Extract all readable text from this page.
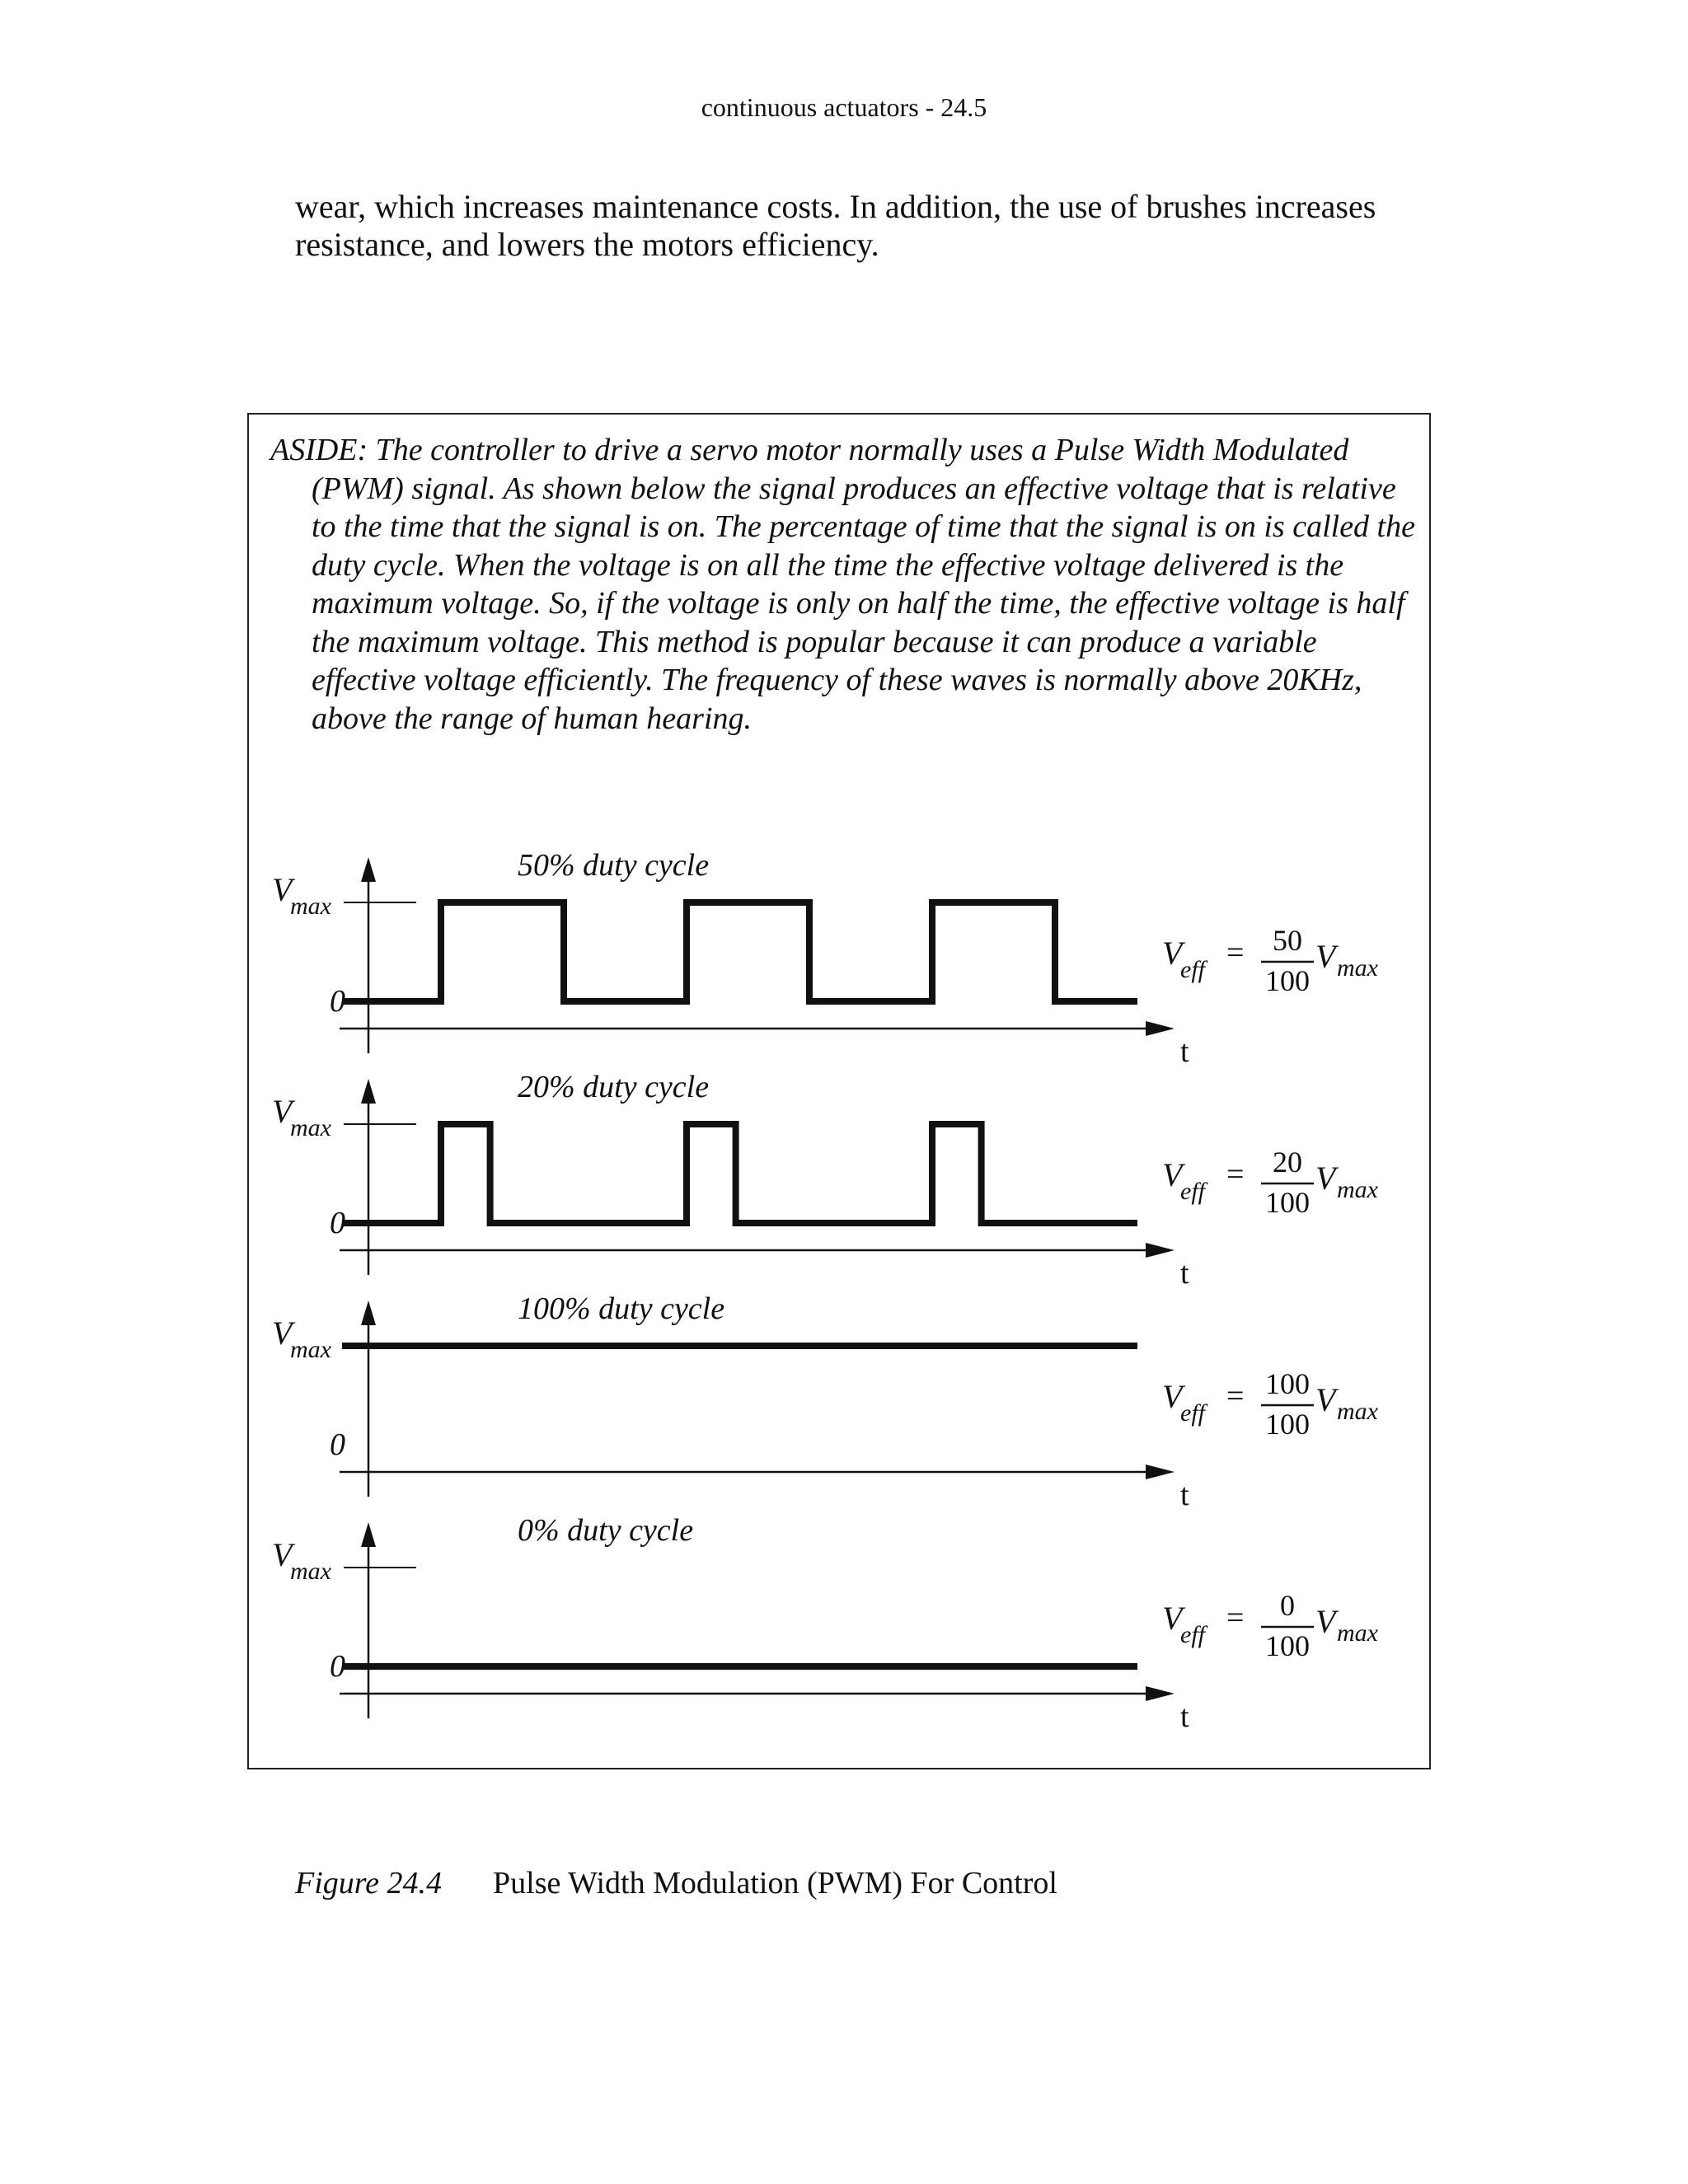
continuous actuators - 24.5
wear, which increases maintenance costs. In addition, the use of brushes increases resistance, and lowers the motors efficiency.
ASIDE: The controller to drive a servo motor normally uses a Pulse Width Modulated (PWM) signal. As shown below the signal produces an effective voltage that is relative to the time that the signal is on. The percentage of time that the signal is on is called the duty cycle. When the voltage is on all the time the effective voltage delivered is the maximum voltage. So, if the voltage is only on half the time, the effective voltage is half the maximum voltage. This method is popular because it can produce a variable effective voltage efficiently. The frequency of these waves is normally above 20KHz, above the range of human hearing.
t
V
max
0
50% duty cycle
V
eff = 50
100
V max
t
V
max
0
20% duty cycle
V
eff = 20
100
V max
t
V
max
0
100% duty cycle
V
eff = 100
100
V max
t
V
max
0
0% duty cycle
V
eff = 0
100
V max
Figure 24.4 Pulse Width Modulation (PWM) For Control
